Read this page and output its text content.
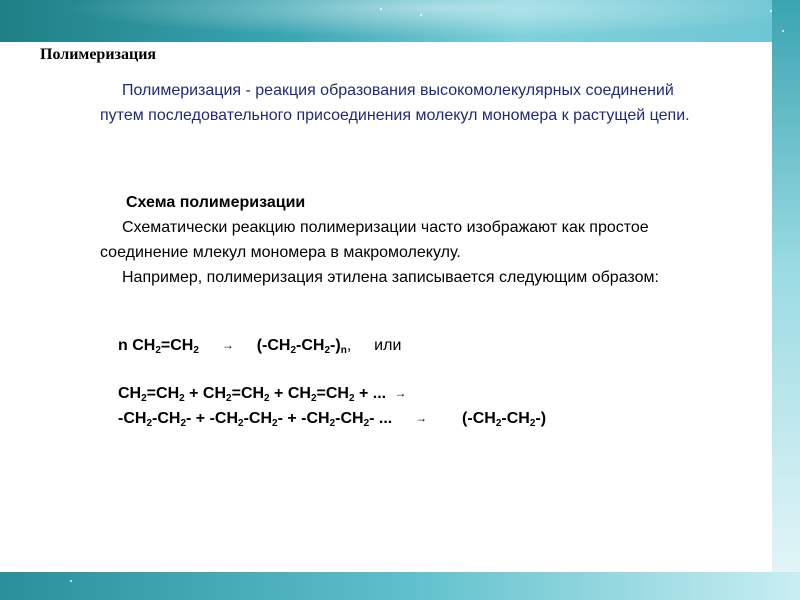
Полимеризация

Полимеризация - реакция образования высокомолекулярных соединений путем последовательного присоединения молекул мономера к растущей цепи.

Схема полимеризации

Схематически реакцию полимеризации часто изображают как простое соединение млекул мономера в макромолекулу.

Например, полимеризация этилена записывается следующим образом:

n $CH_2=CH_2 \to (-CH_2-CH_2-)_n$, или
$CH_2=CH_2 + CH_2=CH_2 + CH_2=CH_2$ + ... →
$-CH_2-CH_2- + -CH_2-CH_2- + -CH_2-CH_2-$ ... → $(-CH_2-CH_2-)$
